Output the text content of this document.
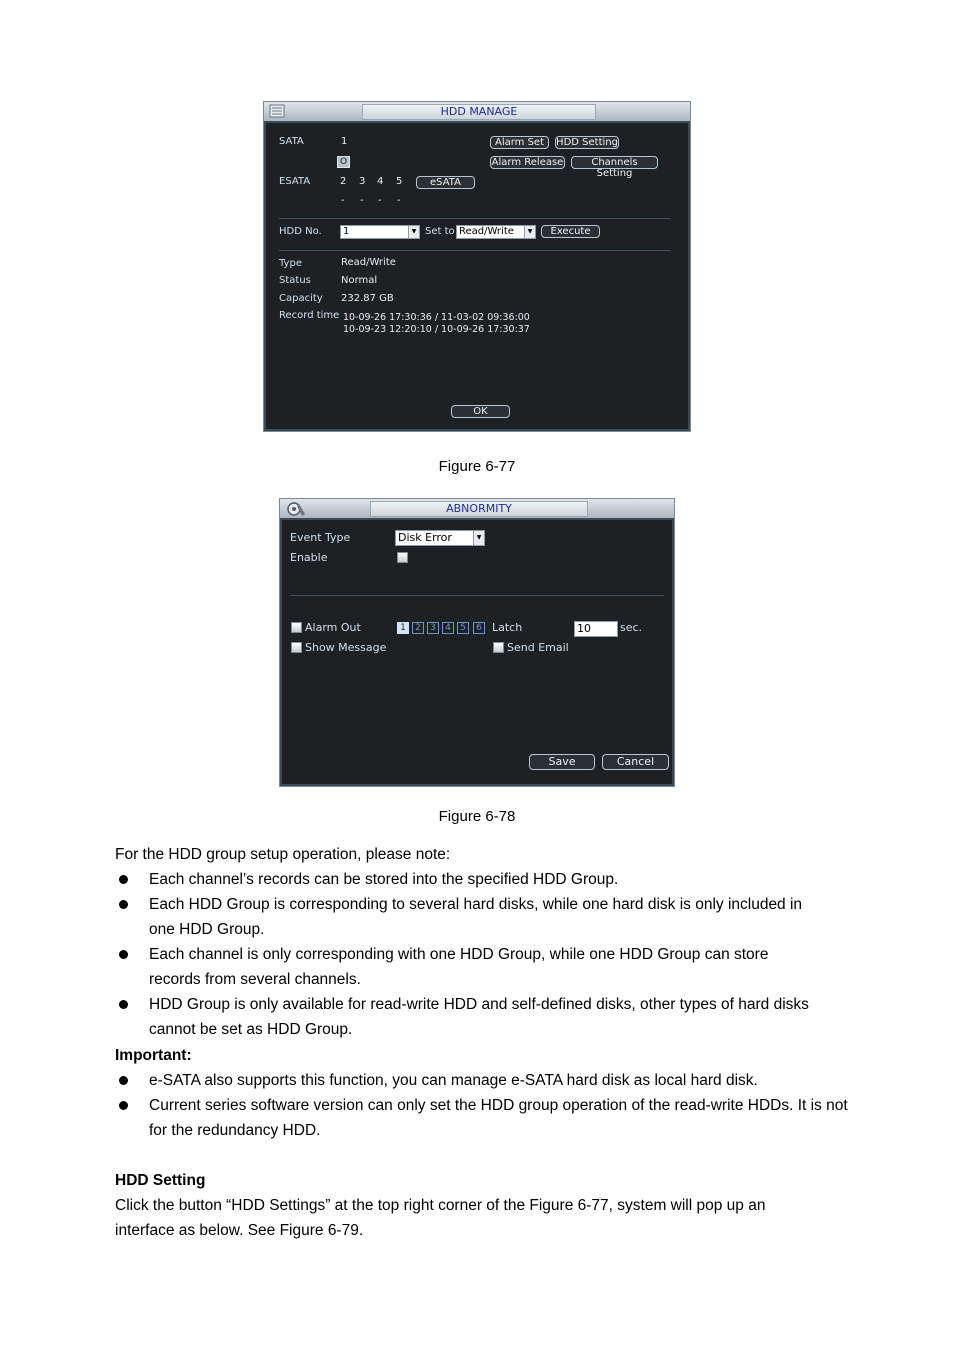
HDD MANAGE
SATA	1
O
ESATA	2 3 4 5
- - - -
Alarm Set	HDD Setting
Alarm Release	Channels Setting
eSATA
HDD No.	1	▼ Set to Read/Write	▼	Execute
Type	Read/Write
Status	Normal
Capacity 232.87 GB
Record time 10-09-26 17:30:36 / 11-03-02 09:36:00
10-09-23 12:20:10 / 10-09-26 17:30:37
OK
Figure 6-77
ABNORMITY
Event Type	Disk Error	▼
Enable
Alarm Out	1	2	3	4	5	6 Latch	10	sec.
Show Message	Send Email
Save	Cancel
Figure 6-78
For the HDD group setup operation, please note:
Each channel’s records can be stored into the specified HDD Group.
Each HDD Group is corresponding to several hard disks, while one hard disk is only included in one HDD Group.
Each channel is only corresponding with one HDD Group, while one HDD Group can store records from several channels.
HDD Group is only available for read-write HDD and self-defined disks, other types of hard disks cannot be set as HDD Group.
Important:
e-SATA also supports this function, you can manage e-SATA hard disk as local hard disk.
Current series software version can only set the HDD group operation of the read-write HDDs. It is not for the redundancy HDD.
HDD Setting
Click the button “HDD Settings” at the top right corner of the Figure 6-77, system will pop up an
interface as below. See Figure 6-79.
